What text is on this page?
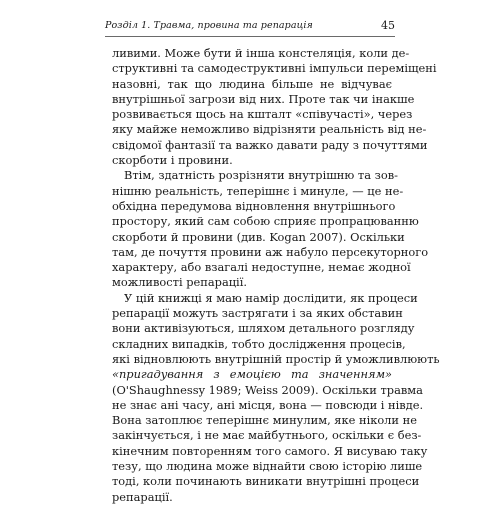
Розділ 1. Травма, провина та репарація	45
ливими. Може бути й інша констеляція, коли де-
структивні та самодеструктивні імпульси переміщені
назовні, так що людина більше не відчуває
внутрішньої загрози від них. Проте так чи інакше
розвивається щось на кшталт «співучасті», через
яку майже неможливо відрізняти реальність від не-
свідомої фантазії та важко давати раду з почуттями
скорботи і провини.
Втім, здатність розрізняти внутрішню та зов-
нішню реальність, теперішнє і минуле, — це не-
обхідна передумова відновлення внутрішнього
простору, який сам собою сприяє пропрацюванню
скорботи й провини (див. Kogan 2007). Оскільки
там, де почуття провини аж набуло персекуторного
характеру, або взагалі недоступне, немає жодної
можливості репарації.
У цій книжці я маю намір дослідити, як процеси
репарації можуть застрягати і за яких обставин
вони активізуються, шляхом детального розгляду
складних випадків, тобто дослідження процесів,
які відновлюють внутрішній простір й уможливлюють
«пригадування з емоцією та значенням»
(O'Shaughnessy 1989; Weiss 2009). Оскільки травма
не знає ані часу, ані місця, вона — повсюди і нівде.
Вона затоплює теперішнє минулим, яке ніколи не
закінчується, і не має майбутнього, оскільки є без-
кінечним повторенням того самого. Я висуваю таку
тезу, що людина може віднайти свою історію лише
тоді, коли починають виникати внутрішні процеси
репарації.
